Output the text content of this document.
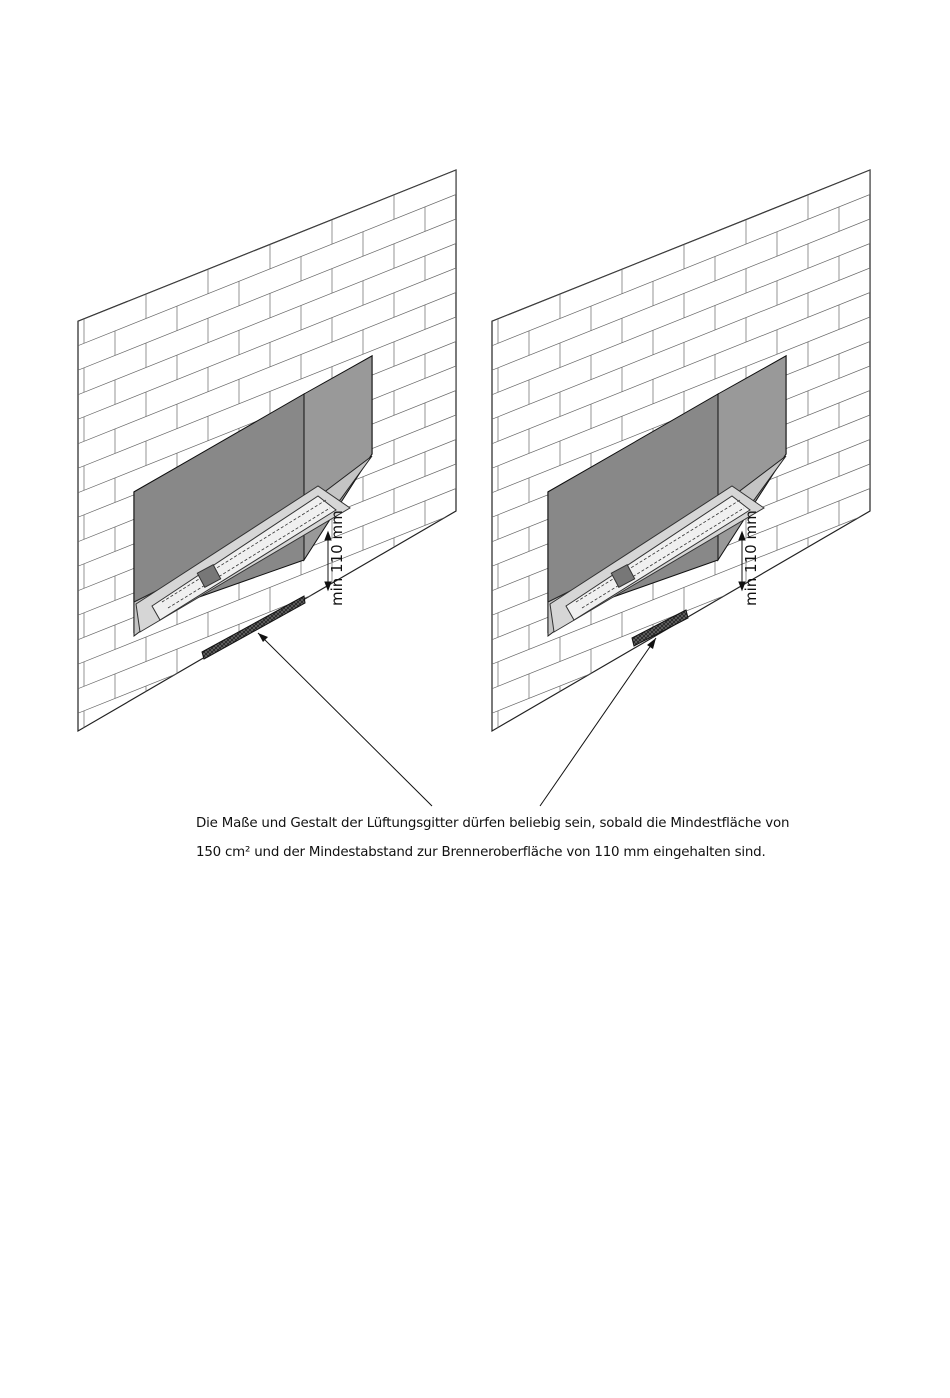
min 110 mm
min 110 mm
Die Maße und Gestalt der Lüftungsgitter dürfen beliebig sein, sobald die Mindestfläche von
150 cm² und der Mindestabstand zur Brenneroberfläche von 110 mm eingehalten sind.
